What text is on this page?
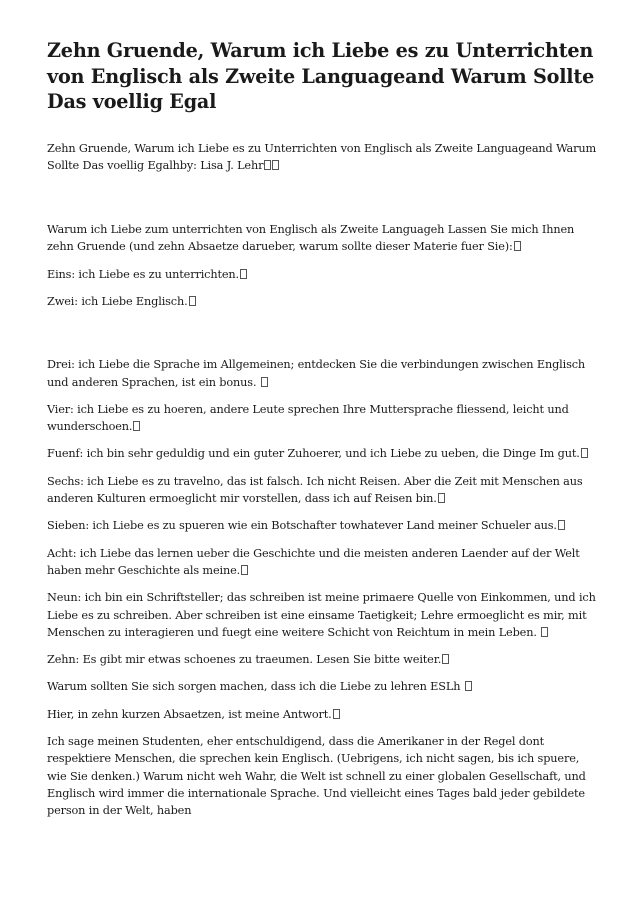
Zehn Gruende, Warum ich Liebe es zu Unterrichten von Englisch als Zweite Languageand Warum Sollte Das voellig Egal

Zehn Gruende, Warum ich Liebe es zu Unterrichten von Englisch als Zweite Languageand Warum Sollte Das voellig Egalhby: Lisa J. Lehr

Warum ich Liebe zum unterrichten von Englisch als Zweite Languageh Lassen Sie mich Ihnen zehn Gruende (und zehn Absaetze darueber, warum sollte dieser Materie fuer Sie):

Eins: ich Liebe es zu unterrichten.

Zwei: ich Liebe Englisch.

Drei: ich Liebe die Sprache im Allgemeinen; entdecken Sie die verbindungen zwischen Englisch und anderen Sprachen, ist ein bonus.

Vier: ich Liebe es zu hoeren, andere Leute sprechen Ihre Muttersprache fliessend, leicht und wunderschoen.

Fuenf: ich bin sehr geduldig und ein guter Zuhoerer, und ich Liebe zu ueben, die Dinge Im gut.

Sechs: ich Liebe es zu travelno, das ist falsch. Ich nicht Reisen. Aber die Zeit mit Menschen aus anderen Kulturen ermoeglicht mir vorstellen, dass ich auf Reisen bin.

Sieben: ich Liebe es zu spueren wie ein Botschafter towhatever Land meiner Schueler aus.

Acht: ich Liebe das lernen ueber die Geschichte und die meisten anderen Laender auf der Welt haben mehr Geschichte als meine.

Neun: ich bin ein Schriftsteller; das schreiben ist meine primaere Quelle von Einkommen, und ich Liebe es zu schreiben. Aber schreiben ist eine einsame Taetigkeit; Lehre ermoeglicht es mir, mit Menschen zu interagieren und fuegt eine weitere Schicht von Reichtum in mein Leben.

Zehn: Es gibt mir etwas schoenes zu traeumen. Lesen Sie bitte weiter.

Warum sollten Sie sich sorgen machen, dass ich die Liebe zu lehren ESLh

Hier, in zehn kurzen Absaetzen, ist meine Antwort.

Ich sage meinen Studenten, eher entschuldigend, dass die Amerikaner in der Regel dont respektiere Menschen, die sprechen kein Englisch. (Uebrigens, ich nicht sagen, bis ich spuere, wie Sie denken.) Warum nicht weh Wahr, die Welt ist schnell zu einer globalen Gesellschaft, und Englisch wird immer die internationale Sprache. Und vielleicht eines Tages bald jeder gebildete person in der Welt, haben
